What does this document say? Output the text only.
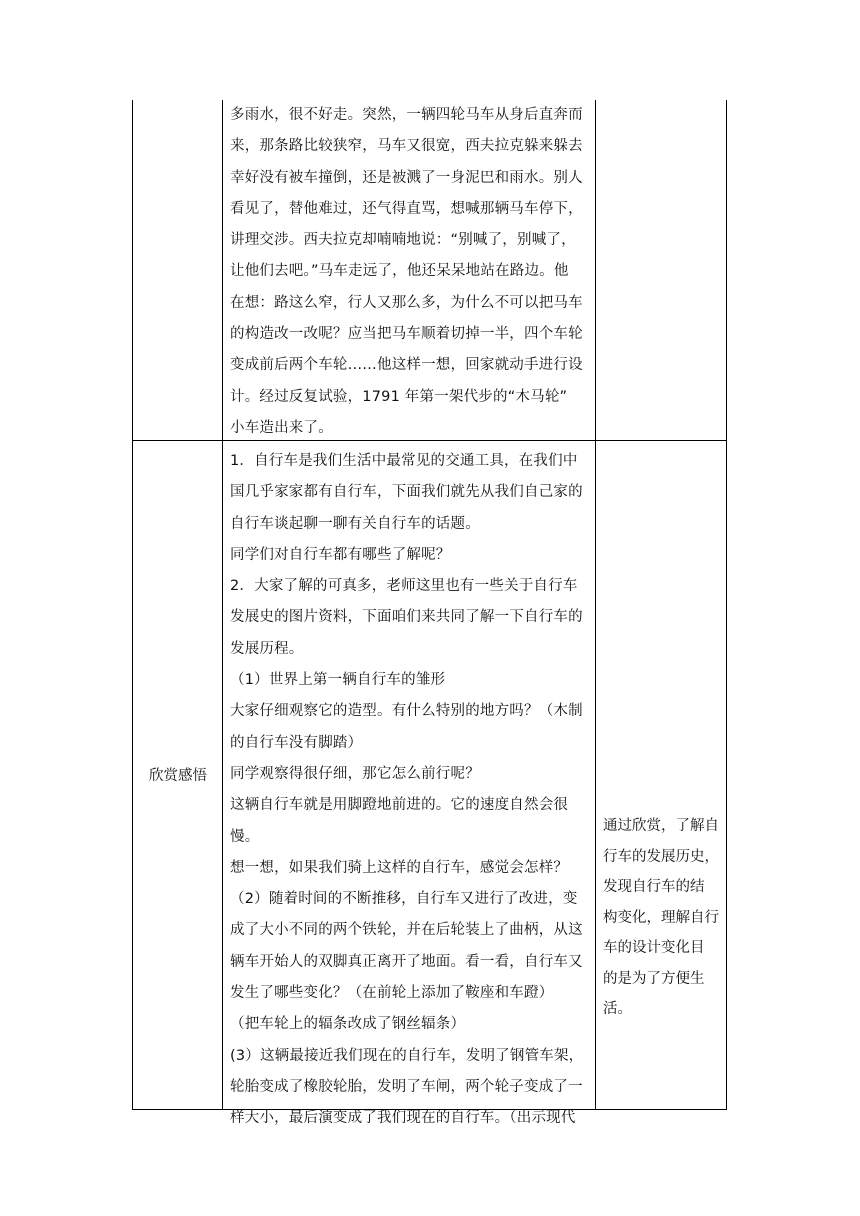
多雨水，很不好走。突然，一辆四轮马车从身后直奔而

来，那条路比较狭窄，马车又很宽，西夫拉克躲来躲去

幸好没有被车撞倒，还是被溅了一身泥巴和雨水。别人

看见了，替他难过，还气得直骂，想喊那辆马车停下，

讲理交涉。西夫拉克却喃喃地说：“别喊了，别喊了，

让他们去吧。”马车走远了，他还呆呆地站在路边。他

在想：路这么窄，行人又那么多，为什么不可以把马车

的构造改一改呢？应当把马车顺着切掉一半，四个车轮

变成前后两个车轮……他这样一想，回家就动手进行设

计。经过反复试验，1791 年第一架代步的“木马轮”

小车造出来了。

欣赏感悟

1．自行车是我们生活中最常见的交通工具，在我们中

国几乎家家都有自行车，下面我们就先从我们自己家的

自行车谈起聊一聊有关自行车的话题。

同学们对自行车都有哪些了解呢？

2．大家了解的可真多，老师这里也有一些关于自行车

发展史的图片资料，下面咱们来共同了解一下自行车的

发展历程。

（1）世界上第一辆自行车的雏形

大家仔细观察它的造型。有什么特别的地方吗？（木制

的自行车没有脚踏）

同学观察得很仔细，那它怎么前行呢？

这辆自行车就是用脚蹬地前进的。它的速度自然会很

慢。

想一想，如果我们骑上这样的自行车，感觉会怎样？

（2）随着时间的不断推移，自行车又进行了改进，变

成了大小不同的两个铁轮，并在后轮装上了曲柄，从这

辆车开始人的双脚真正离开了地面。看一看，自行车又

发生了哪些变化？（在前轮上添加了鞍座和车蹬）

（把车轮上的辐条改成了钢丝辐条）

(3）这辆最接近我们现在的自行车，发明了钢管车架，

轮胎变成了橡胶轮胎，发明了车闸，两个轮子变成了一

样大小，最后演变成了我们现在的自行车。（出示现代

通过欣赏，了解自

行车的发展历史，

发现自行车的结

构变化，理解自行

车的设计变化目

的是为了方便生

活。
